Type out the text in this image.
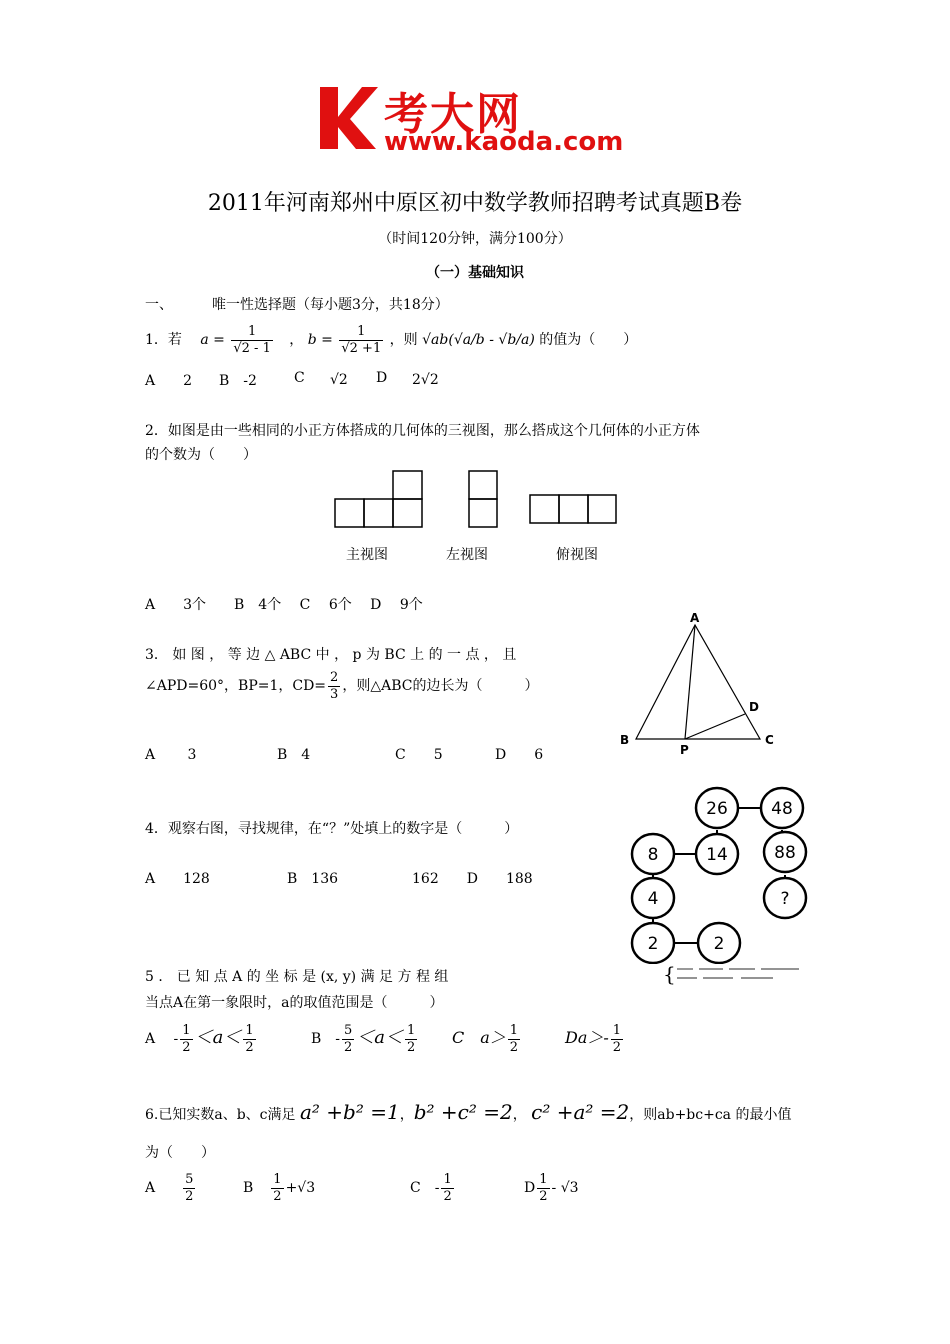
考大网
www.kaoda.com
2011年河南郑州中原区初中数学教师招聘考试真题B卷
（时间120分钟，满分100分）
（一）基础知识
一、	唯一性选择题（每小题3分，共18分）
1．若 $a = \frac{1}{√2 - 1}$ ， $b = \frac{1}{√2 +1}$ ，则 √ab(√a/b - √b/a) 的值为（　　）
A　　2 B　-2	C √2 D 2√2
2．如图是由一些相同的小正方体搭成的几何体的三视图，那么搭成这个几何体的小正方体
的个数为（　　）
主视图	左视图	俯视图
A　　3个　　B　4个　 C　 6个　 D　 9个
3． 如 图 ， 等 边 △ ABC 中 ， p 为 BC 上 的 一 点 ， 且
∠APD=60°，BP=1，$CD= \frac{2}{3}$ ，则△ABC的边长为（　　　）
A　　 3	B　4	C　　5	D　　6
A
B	C
D
P
4．观察右图，寻找规律，在“？”处填上的数字是（　　　）
A　　128	B　136	162　　D　　188
26	48
8	14	88
4	?
2	2
5 ． 已 知 点 A 的 坐 标 是 (x, y) 满 足 方 程 组	{
当点A在第一象限时，a的取值范围是（　　　）
A　 - $\frac{1}{2} <a< \frac{1}{2}$	B　- $\frac{5}{2} <a< \frac{1}{2}$ C　$a> \frac{1}{2}$	$Da>- \frac{1}{2}$
6.已知实数a、b、c满足 a² +b² =1，b² +c² =2， c² +a² =2，则ab+bc+ca 的最小值
为（　　）
A $\frac{5}{2}$	B $\frac{1}{2} +√3$	C　- $\frac{1}{2}$	D $\frac{1}{2} - √3$
